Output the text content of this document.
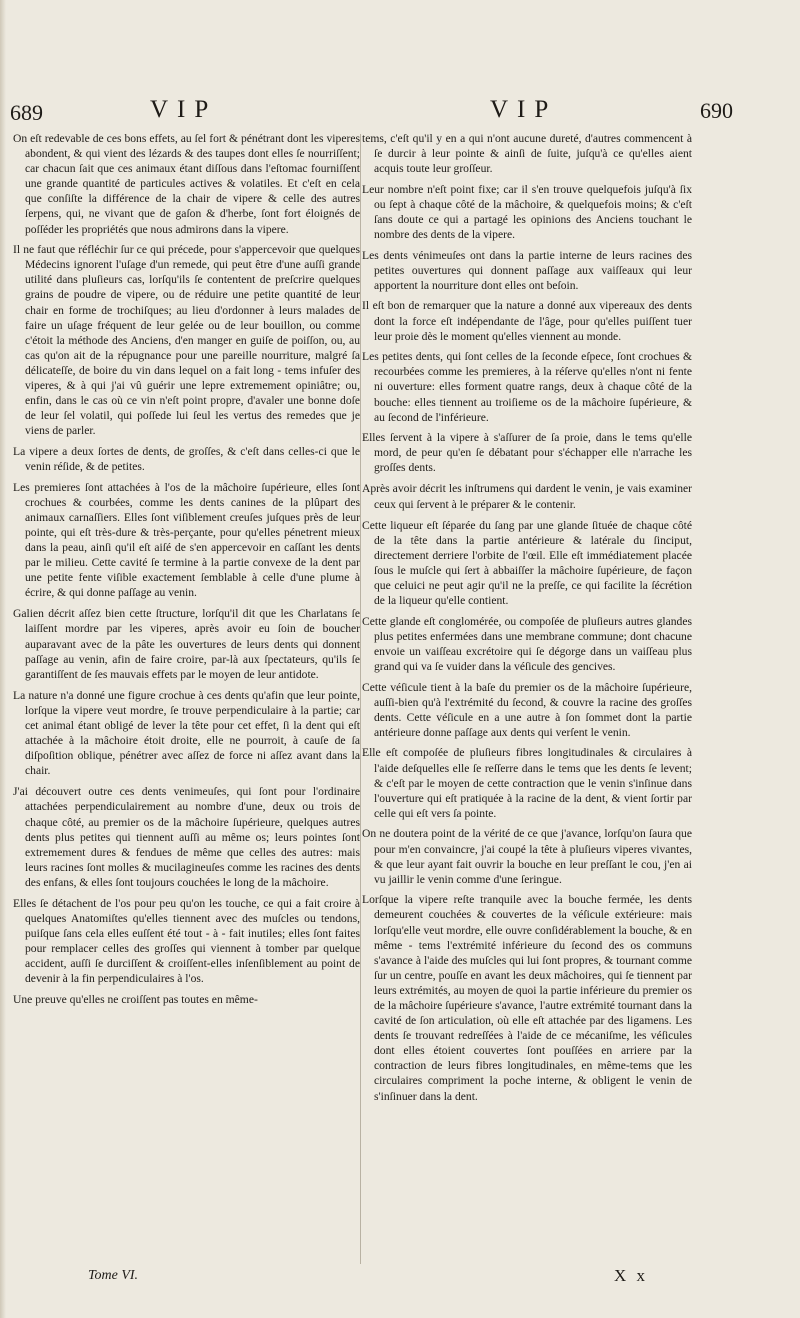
689	VIP	VIP	690

On eſt redevable de ces bons effets, au ſel fort & pénétrant dont les viperes abondent, & qui vient des lézards & des taupes dont elles ſe nourriſſent; car chacun ſait que ces animaux étant diſſous dans l'eſtomac fourniſſent une grande quantité de particules actives & volatiles. Et c'eſt en cela que conſiſte la différence de la chair de vipere & celle des autres ſerpens, qui, ne vivant que de gaſon & d'herbe, ſont fort éloignés de poſſéder les propriétés que nous admirons dans la vipere.

Il ne faut que réfléchir ſur ce qui précede, pour s'appercevoir que quelques Médecins ignorent l'uſage d'un remede, qui peut être d'une auſſi grande utilité dans pluſieurs cas, lorſqu'ils ſe contentent de preſcrire quelques grains de poudre de vipere, ou de réduire une petite quantité de leur chair en forme de trochiſques; au lieu d'ordonner à leurs malades de faire un uſage fréquent de leur gelée ou de leur bouillon, ou comme c'étoit la méthode des Anciens, d'en manger en guiſe de poiſſon, ou, au cas qu'on ait de la répugnance pour une pareille nourriture, malgré ſa délicateſſe, de boire du vin dans lequel on a fait long - tems infuſer des viperes, & à qui j'ai vû guérir une lepre extremement opiniâtre; ou, enfin, dans le cas où ce vin n'eſt point propre, d'avaler une bonne doſe de leur ſel volatil, qui poſſede lui ſeul les vertus des remedes que je viens de parler.

La vipere a deux ſortes de dents, de groſſes, & c'eſt dans celles-ci que le venin réſide, & de petites.

Les premieres ſont attachées à l'os de la mâchoire ſupérieure, elles ſont crochues & courbées, comme les dents canines de la plûpart des animaux carnaſſiers. Elles ſont viſiblement creuſes juſques près de leur pointe, qui eſt très-dure & très-perçante, pour qu'elles pénetrent mieux dans la peau, ainſi qu'il eſt aiſé de s'en appercevoir en caſſant les dents par le milieu. Cette cavité ſe termine à la partie convexe de la dent par une petite fente viſible exactement ſemblable à celle d'une plume à écrire, & qui donne paſſage au venin.

Galien décrit aſſez bien cette ſtructure, lorſqu'il dit que les Charlatans ſe laiſſent mordre par les viperes, après avoir eu ſoin de boucher auparavant avec de la pâte les ouvertures de leurs dents qui donnent paſſage au venin, afin de faire croire, par-là aux ſpectateurs, qu'ils ſe garantiſſent de ſes mauvais effets par le moyen de leur antidote.

La nature n'a donné une figure crochue à ces dents qu'afin que leur pointe, lorſque la vipere veut mordre, ſe trouve perpendiculaire à la partie; car cet animal étant obligé de lever la tête pour cet effet, ſi la dent qui eſt attachée à la mâchoire étoit droite, elle ne pourroit, à cauſe de ſa diſpoſition oblique, pénétrer avec aſſez de force ni aſſez avant dans la chair.

J'ai découvert outre ces dents venimeuſes, qui ſont pour l'ordinaire attachées perpendiculairement au nombre d'une, deux ou trois de chaque côté, au premier os de la mâchoire ſupérieure, quelques autres dents plus petites qui tiennent auſſi au même os; leurs pointes ſont extremement dures & fendues de même que celles des autres: mais leurs racines ſont molles & mucilagineuſes comme les racines des dents des enfans, & elles ſont toujours couchées le long de la mâchoire.

Elles ſe détachent de l'os pour peu qu'on les touche, ce qui a fait croire à quelques Anatomiſtes qu'elles tiennent avec des muſcles ou tendons, puiſque ſans cela elles euſſent été tout - à - fait inutiles; elles ſont faites pour remplacer celles des groſſes qui viennent à tomber par quelque accident, auſſi ſe durciſſent & croiſſent-elles inſenſiblement au point de devenir à la fin perpendiculaires à l'os.

Une preuve qu'elles ne croiſſent pas toutes en même-

tems, c'eſt qu'il y en a qui n'ont aucune dureté, d'autres commencent à ſe durcir à leur pointe & ainſi de ſuite, juſqu'à ce qu'elles aient acquis toute leur groſſeur.

Leur nombre n'eſt point fixe; car il s'en trouve quelquefois juſqu'à ſix ou ſept à chaque côté de la mâchoire, & quelquefois moins; & c'eſt ſans doute ce qui a partagé les opinions des Anciens touchant le nombre des dents de la vipere.

Les dents vénimeuſes ont dans la partie interne de leurs racines des petites ouvertures qui donnent paſſage aux vaiſſeaux qui leur apportent la nourriture dont elles ont beſoin.

Il eſt bon de remarquer que la nature a donné aux vipereaux des dents dont la force eſt indépendante de l'âge, pour qu'elles puiſſent tuer leur proie dès le moment qu'elles viennent au monde.

Les petites dents, qui ſont celles de la ſeconde eſpece, ſont crochues & recourbées comme les premieres, à la réſerve qu'elles n'ont ni fente ni ouverture: elles forment quatre rangs, deux à chaque côté de la bouche: elles tiennent au troiſieme os de la mâchoire ſupérieure, & au ſecond de l'inférieure.

Elles ſervent à la vipere à s'aſſurer de ſa proie, dans le tems qu'elle mord, de peur qu'en ſe débatant pour s'échapper elle n'arrache les groſſes dents.

Après avoir décrit les inſtrumens qui dardent le venin, je vais examiner ceux qui ſervent à le préparer & le contenir.

Cette liqueur eſt ſéparée du ſang par une glande ſituée de chaque côté de la tête dans la partie antérieure & latérale du ſinciput, directement derriere l'orbite de l'œil. Elle eſt immédiatement placée ſous le muſcle qui ſert à abbaiſſer la mâchoire ſupérieure, de façon que celuici ne peut agir qu'il ne la preſſe, ce qui facilite la ſécrétion de la liqueur qu'elle contient.

Cette glande eſt conglomérée, ou compoſée de pluſieurs autres glandes plus petites enfermées dans une membrane commune; dont chacune envoie un vaiſſeau excrétoire qui ſe dégorge dans un vaiſſeau plus grand qui va ſe vuider dans la véſicule des gencives.

Cette véſicule tient à la baſe du premier os de la mâchoire ſupérieure, auſſi-bien qu'à l'extrémité du ſecond, & couvre la racine des groſſes dents. Cette véſicule en a une autre à ſon ſommet dont la partie antérieure donne paſſage aux dents qui verſent le venin.

Elle eſt compoſée de pluſieurs fibres longitudinales & circulaires à l'aide deſquelles elle ſe reſſerre dans le tems que les dents ſe levent; & c'eſt par le moyen de cette contraction que le venin s'inſinue dans l'ouverture qui eſt pratiquée à la racine de la dent, & vient ſortir par celle qui eſt vers ſa pointe.

On ne doutera point de la vérité de ce que j'avance, lorſqu'on ſaura que pour m'en convaincre, j'ai coupé la tête à pluſieurs viperes vivantes, & que leur ayant fait ouvrir la bouche en leur preſſant le cou, j'en ai vu jaillir le venin comme d'une ſeringue.

Lorſque la vipere reſte tranquile avec la bouche fermée, les dents demeurent couchées & couvertes de la véſicule extérieure: mais lorſqu'elle veut mordre, elle ouvre conſidérablement la bouche, & en même - tems l'extrémité inférieure du ſecond des os communs s'avance à l'aide des muſcles qui lui ſont propres, & tournant comme ſur un centre, pouſſe en avant les deux mâchoires, qui ſe tiennent par leurs extrémités, au moyen de quoi la partie inférieure du premier os de la mâchoire ſupérieure s'avance, l'autre extrémité tournant dans la cavité de ſon articulation, où elle eſt attachée par des ligamens. Les dents ſe trouvant redreſſées à l'aide de ce mécaniſme, les véſicules dont elles étoient couvertes ſont pouſſées en arriere par la contraction de leurs fibres longitudinales, en même-tems que les circulaires compriment la poche interne, & obligent le venin de s'inſinuer dans la dent.

Tome VI.	X x
